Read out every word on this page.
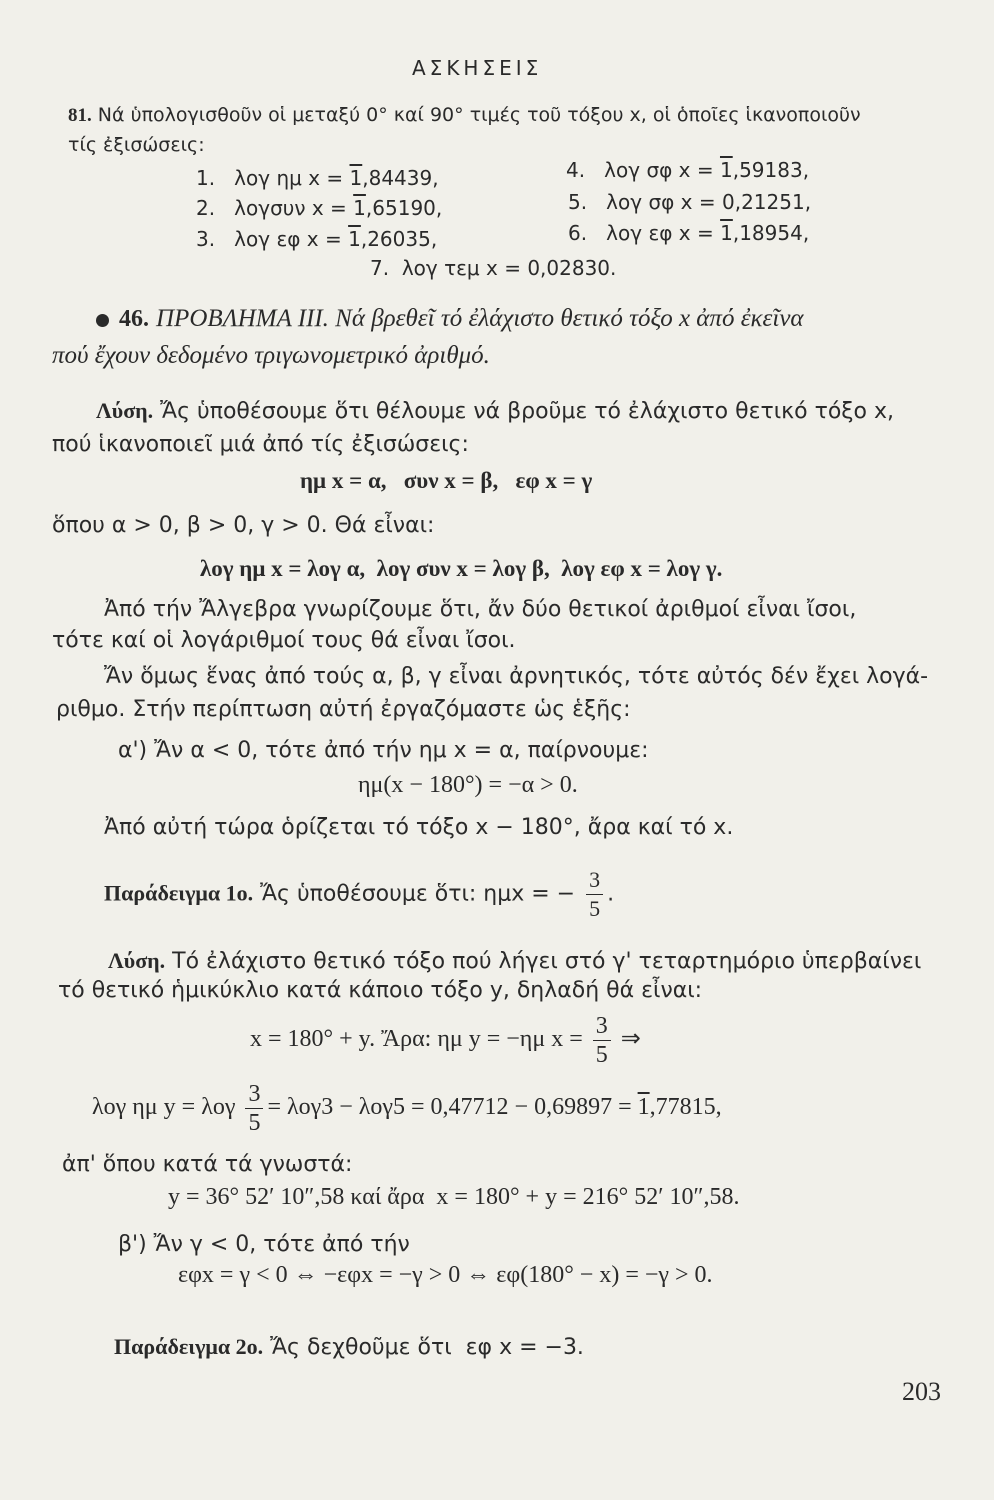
ΑΣΚΗΣΕΙΣ
81. Νά ὑπολογισθοῦν οἱ μεταξύ 0° καί 90° τιμές τοῦ τόξου x, οἱ ὁποῖες ἱκανοποιοῦν
τίς ἐξισώσεις:
1. λογ ημ x = 1,84439,	4. λογ σφ x = 1,59183,
2. λογσυν x = 1,65190,	5. λογ σφ x = 0,21251,
3. λογ εφ x = 1,26035,	6. λογ εφ x = 1,18954,
7. λογ τεμ x = 0,02830.
46. ΠΡΟΒΛΗΜΑ ΙΙΙ. Νά βρεθεῖ τό ἐλάχιστο θετικό τόξο x ἀπό ἐκεῖνα
πού ἔχουν δεδομένο τριγωνομετρικό ἀριθμό.
Λύση. Ἄς ὑποθέσουμε ὅτι θέλουμε νά βροῦμε τό ἐλάχιστο θετικό τόξο x,
πού ἱκανοποιεῖ μιά ἀπό τίς ἐξισώσεις:
ημ x = α,   συν x = β,   εφ x = γ
ὅπου α > 0, β > 0, γ > 0. Θά εἶναι:
λογ ημ x = λογ α,  λογ συν x = λογ β,  λογ εφ x = λογ γ.
Ἀπό τήν Ἄλγεβρα γνωρίζουμε ὅτι, ἄν δύο θετικοί ἀριθμοί εἶναι ἴσοι,
τότε καί οἱ λογάριθμοί τους θά εἶναι ἴσοι.
Ἄν ὅμως ἕνας ἀπό τούς α, β, γ εἶναι ἀρνητικός, τότε αὐτός δέν ἔχει λογά-
ριθμο. Στήν περίπτωση αὐτή ἐργαζόμαστε ὡς ἑξῆς:
α') Ἄν α < 0, τότε ἀπό τήν ημ x = α, παίρνουμε:
ημ(x − 180°) = −α > 0.
Ἀπό αὐτή τώρα ὁρίζεται τό τόξο x − 180°, ἄρα καί τό x.
Παράδειγμα 1ο. Ἄς ὑποθέσουμε ὅτι: ημx = − $\frac{3}{5}$ .
Λύση. Τό ἐλάχιστο θετικό τόξο πού λήγει στό γ' τεταρτημόριο ὑπερβαίνει
τό θετικό ἡμικύκλιο κατά κάποιο τόξο y, δηλαδή θά εἶναι:
x = 180° + y. Ἄρα: ημ y = −ημ $x = \frac{3}{5}$ ⇒
λογ ημ y = λογ $\frac{3}{5} = \lambda o\gamma 3 - \lambda o\gamma 5 = 0,47712 - 0,69897 = 1,77815$,
ἀπ' ὅπου κατά τά γνωστά:
y = 36° 52′ 10″,58 καί ἄρα  x = 180° + y = 216° 52′ 10″,58.
β') Ἄν γ < 0, τότε ἀπό τήν
εφx = γ < 0 ⇔ −εφx = −γ > 0 ⇔ εφ(180° − x) = −γ > 0.
Παράδειγμα 2ο. Ἄς δεχθοῦμε ὅτι  εφ x = −3.
203
